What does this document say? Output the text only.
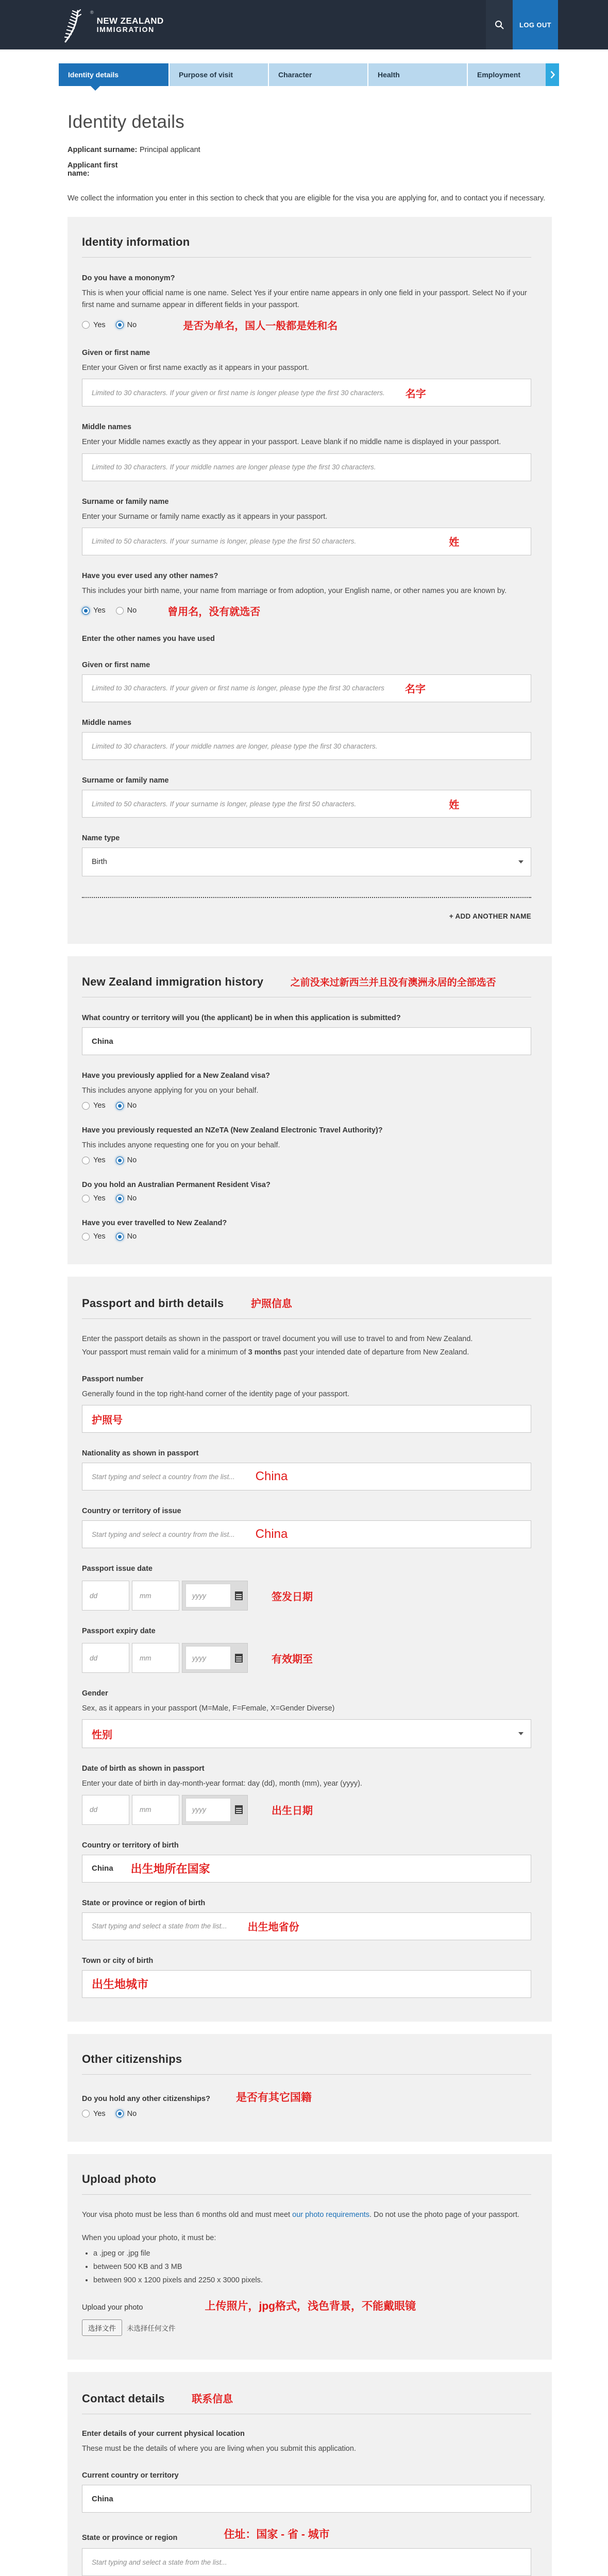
®
NEW ZEALAND
IMMIGRATION
LOG OUT
Identity details	Purpose of visit	Character	Health	Employment
Identity details
Applicant surname: Principal applicant
Applicant first name:
We collect the information you enter in this section to check that you are eligible for the visa you are applying for, and to contact you if necessary.
Identity information
Do you have a mononym?
This is when your official name is one name. Select Yes if your entire name appears in only one field in your passport. Select No if your first name and surname appear in different fields in your passport.
Yes	No	是否为单名，国人一般都是姓和名
Given or first name
Enter your Given or first name exactly as it appears in your passport.
Limited to 30 characters. If your given or first name is longer please type the first 30 characters. 名字
Middle names
Enter your Middle names exactly as they appear in your passport. Leave blank if no middle name is displayed in your passport.
Limited to 30 characters. If your middle names are longer please type the first 30 characters.
Surname or family name
Enter your Surname or family name exactly as it appears in your passport.
Limited to 50 characters. If your surname is longer, please type the first 50 characters.	姓
Have you ever used any other names?
This includes your birth name, your name from marriage or from adoption, your English name, or other names you are known by.
Yes	No	曾用名，没有就选否
Enter the other names you have used
Given or first name
Limited to 30 characters. If your given or first name is longer, please type the first 30 characters 名字
Middle names
Limited to 30 characters. If your middle names are longer, please type the first 30 characters.
Surname or family name
Limited to 50 characters. If your surname is longer, please type the first 50 characters.	姓
Name type
Birth
+ ADD ANOTHER NAME
New Zealand immigration history	之前没来过新西兰并且没有澳洲永居的全部选否
What country or territory will you (the applicant) be in when this application is submitted?
China
Have you previously applied for a New Zealand visa?
This includes anyone applying for you on your behalf.
Yes	No
Have you previously requested an NZeTA (New Zealand Electronic Travel Authority)?
This includes anyone requesting one for you on your behalf.
Yes	No
Do you hold an Australian Permanent Resident Visa?
Yes	No
Have you ever travelled to New Zealand?
Yes	No
Passport and birth details	护照信息
Enter the passport details as shown in the passport or travel document you will use to travel to and from New Zealand.
Your passport must remain valid for a minimum of 3 months past your intended date of departure from New Zealand.
Passport number
Generally found in the top right-hand corner of the identity page of your passport.
护照号
Nationality as shown in passport
Start typing and select a country from the list... China
Country or territory of issue
Start typing and select a country from the list... China
Passport issue date
dd	mm	yyyy	签发日期
Passport expiry date
dd	mm	yyyy	有效期至
Gender
Sex, as it appears in your passport (M=Male, F=Female, X=Gender Diverse)
性别
Date of birth as shown in passport
Enter your date of birth in day-month-year format: day (dd), month (mm), year (yyyy).
dd	mm	yyyy	出生日期
Country or territory of birth
China 出生地所在国家
State or province or region of birth
Start typing and select a state from the list... 出生地省份
Town or city of birth
出生地城市
Other citizenships
Do you hold any other citizenships? 是否有其它国籍
Yes	No
Upload photo
Your visa photo must be less than 6 months old and must meet our photo requirements. Do not use the photo page of your passport.
When you upload your photo, it must be:
• a .jpeg or .jpg file
• between 500 KB and 3 MB
• between 900 x 1200 pixels and 2250 x 3000 pixels.
Upload your photo	上传照片，jpg格式，浅色背景，不能戴眼镜
选择文件	未选择任何文件
Contact details	联系信息
Enter details of your current physical location
These must be the details of where you are living when you submit this application.
Current country or territory
China
State or province or region	住址：国家 - 省 - 城市
Start typing and select a state from the list...
